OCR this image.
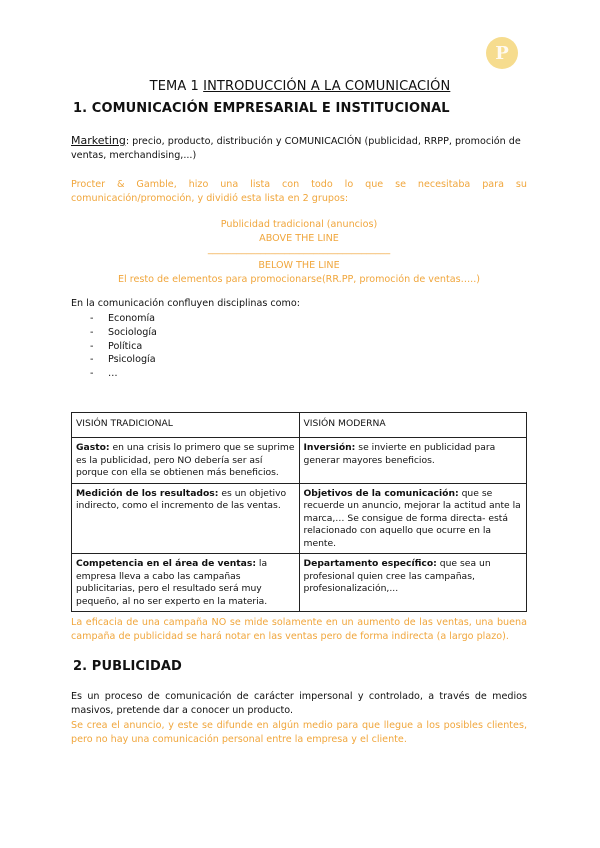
P
TEMA 1 INTRODUCCIÓN A LA COMUNICACIÓN
1. COMUNICACIÓN EMPRESARIAL E INSTITUCIONAL
Marketing: precio, producto, distribución y COMUNICACIÓN (publicidad, RRPP, promoción de ventas, merchandising,...)
Procter & Gamble, hizo una lista con todo lo que se necesitaba para su comunicación/promoción, y dividió esta lista en 2 grupos:
Publicidad tradicional (anuncios)
ABOVE THE LINE
______________________________________
BELOW THE LINE
El resto de elementos para promocionarse(RR.PP, promoción de ventas…..)
En la comunicación confluyen disciplinas como:
- Economía
- Sociología
- Política
- Psicología
- …
VISIÓN TRADICIONAL	VISIÓN MODERNA
Gasto: en una crisis lo primero que se suprime es la publicidad, pero NO debería ser así porque con ella se obtienen más beneficios.	Inversión: se invierte en publicidad para generar mayores beneficios.
Medición de los resultados: es un objetivo indirecto, como el incremento de las ventas.	Objetivos de la comunicación: que se recuerde un anuncio, mejorar la actitud ante la marca,… Se consigue de forma directa- está relacionado con aquello que ocurre en la mente.
Competencia en el área de ventas: la empresa lleva a cabo las campañas publicitarias, pero el resultado será muy pequeño, al no ser experto en la materia.	Departamento específico: que sea un profesional quien cree las campañas, profesionalización,...
La eficacia de una campaña NO se mide solamente en un aumento de las ventas, una buena campaña de publicidad se hará notar en las ventas pero de forma indirecta (a largo plazo).
2. PUBLICIDAD
Es un proceso de comunicación de carácter impersonal y controlado, a través de medios masivos, pretende dar a conocer un producto.
Se crea el anuncio, y este se difunde en algún medio para que llegue a los posibles clientes, pero no hay una comunicación personal entre la empresa y el cliente.
